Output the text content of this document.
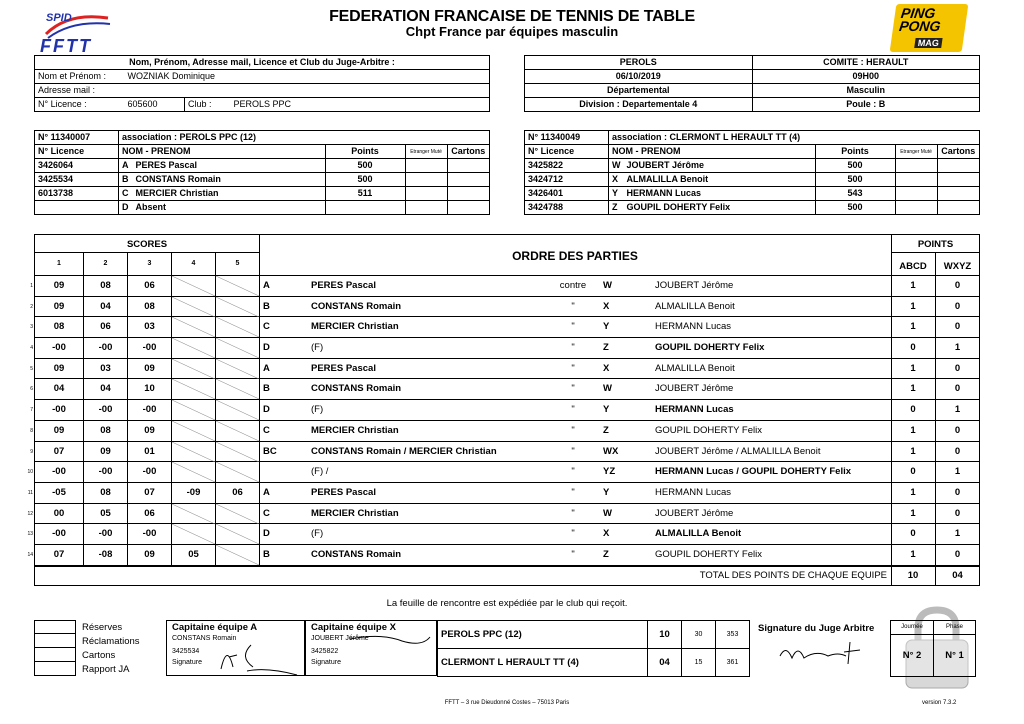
SPID
FFTT
FEDERATION FRANCAISE DE TENNIS DE TABLE
Chpt France par équipes masculin
PING
PONG
MAG
Nom, Prénom, Adresse mail, Licence et Club du Juge-Arbitre :			
Nom et Prénom :	WOZNIAK Dominique		
Adresse mail :			
N° Licence :	605600	Club :	PEROLS PPC
PEROLS	COMITE : HERAULT
06/10/2019	09H00
Départemental	Masculin
Division : Departementale 4	Poule : B
N° 11340007	association : PEROLS PPC (12)				
N° Licence	NOM - PRENOM		Points	Etranger Muté	Cartons
3426064	A	PERES Pascal	500		
3425534	B	CONSTANS Romain	500		
6013738	C	MERCIER Christian	511		
	D	Absent			
N° 11340049	association : CLERMONT L HERAULT TT (4)				
N° Licence	NOM - PRENOM		Points	Etranger Muté	Cartons
3425822	W	JOUBERT Jérôme	500		
3424712	X	ALMALILLA Benoit	500		
3426401	Y	HERMANN Lucas	543		
3424788	Z	GOUPIL DOHERTY Felix	500		
SCORES
1	2	3	4	5
ORDRE DES PARTIES
POINTS
ABCD	WXYZ
1	09	08	06	A	PERES Pascal	contre	W	JOUBERT Jérôme	1	0
2	09	04	08	B	CONSTANS Romain	"	X	ALMALILLA Benoit	1	0
3	08	06	03	C	MERCIER Christian	"	Y	HERMANN Lucas	1	0
4	-00	-00	-00	D	(F)	"	Z	GOUPIL DOHERTY Felix	0	1
5	09	03	09	A	PERES Pascal	"	X	ALMALILLA Benoit	1	0
6	04	04	10	B	CONSTANS Romain	"	W	JOUBERT Jérôme	1	0
7	-00	-00	-00	D	(F)	"	Y	HERMANN Lucas	0	1
8	09	08	09	C	MERCIER Christian	"	Z	GOUPIL DOHERTY Felix	1	0
9	07	09	01	BC	CONSTANS Romain / MERCIER Christian	"	WX	JOUBERT Jérôme / ALMALILLA Benoit	1	0
10	-00	-00	-00	(F) /	"	YZ	HERMANN Lucas / GOUPIL DOHERTY Felix	0	1
11	-05	08	07	-09	06	A	PERES Pascal	"	Y	HERMANN Lucas	1	0
12	00	05	06	C	MERCIER Christian	"	W	JOUBERT Jérôme	1	0
13	-00	-00	-00	D	(F)	"	X	ALMALILLA Benoit	0	1
14	07	-08	09	05	B	CONSTANS Romain	"	Z	GOUPIL DOHERTY Felix	1	0
TOTAL DES POINTS DE CHAQUE EQUIPE	10	04
La feuille de rencontre est expédiée par le club qui reçoit.
Réserves
Réclamations
Cartons
Rapport JA
Capitaine équipe A
CONSTANS Romain
3425534
Signature
Capitaine équipe X
JOUBERT Jérôme
3425822
Signature
PEROLS PPC (12)	10	30	353
CLERMONT L HERAULT TT (4)	04	15	361
Signature du Juge Arbitre	Journée	Phase
N° 2	N° 1
FFTT – 3 rue Dieudonné Costes – 75013 Paris	version 7.3.2
